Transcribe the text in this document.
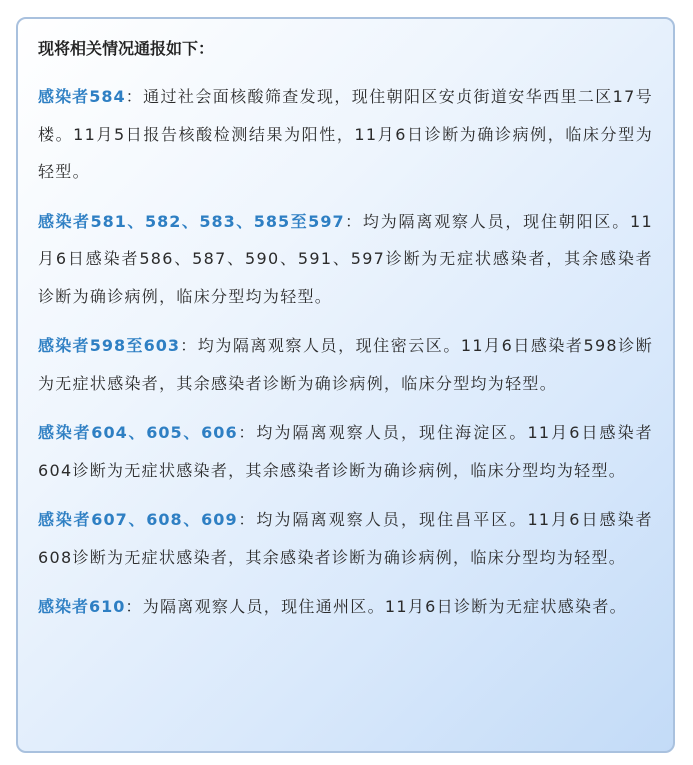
现将相关情况通报如下：

感染者584：通过社会面核酸筛查发现，现住朝阳区安贞街道安华西里二区17号楼。11月5日报告核酸检测结果为阳性，11月6日诊断为确诊病例，临床分型为轻型。

感染者581、582、583、585至597：均为隔离观察人员，现住朝阳区。11月6日感染者586、587、590、591、597诊断为无症状感染者，其余感染者诊断为确诊病例，临床分型均为轻型。

感染者598至603：均为隔离观察人员，现住密云区。11月6日感染者598诊断为无症状感染者，其余感染者诊断为确诊病例，临床分型均为轻型。

感染者604、605、606：均为隔离观察人员，现住海淀区。11月6日感染者604诊断为无症状感染者，其余感染者诊断为确诊病例，临床分型均为轻型。

感染者607、608、609：均为隔离观察人员，现住昌平区。11月6日感染者608诊断为无症状感染者，其余感染者诊断为确诊病例，临床分型均为轻型。

感染者610：为隔离观察人员，现住通州区。11月6日诊断为无症状感染者。
